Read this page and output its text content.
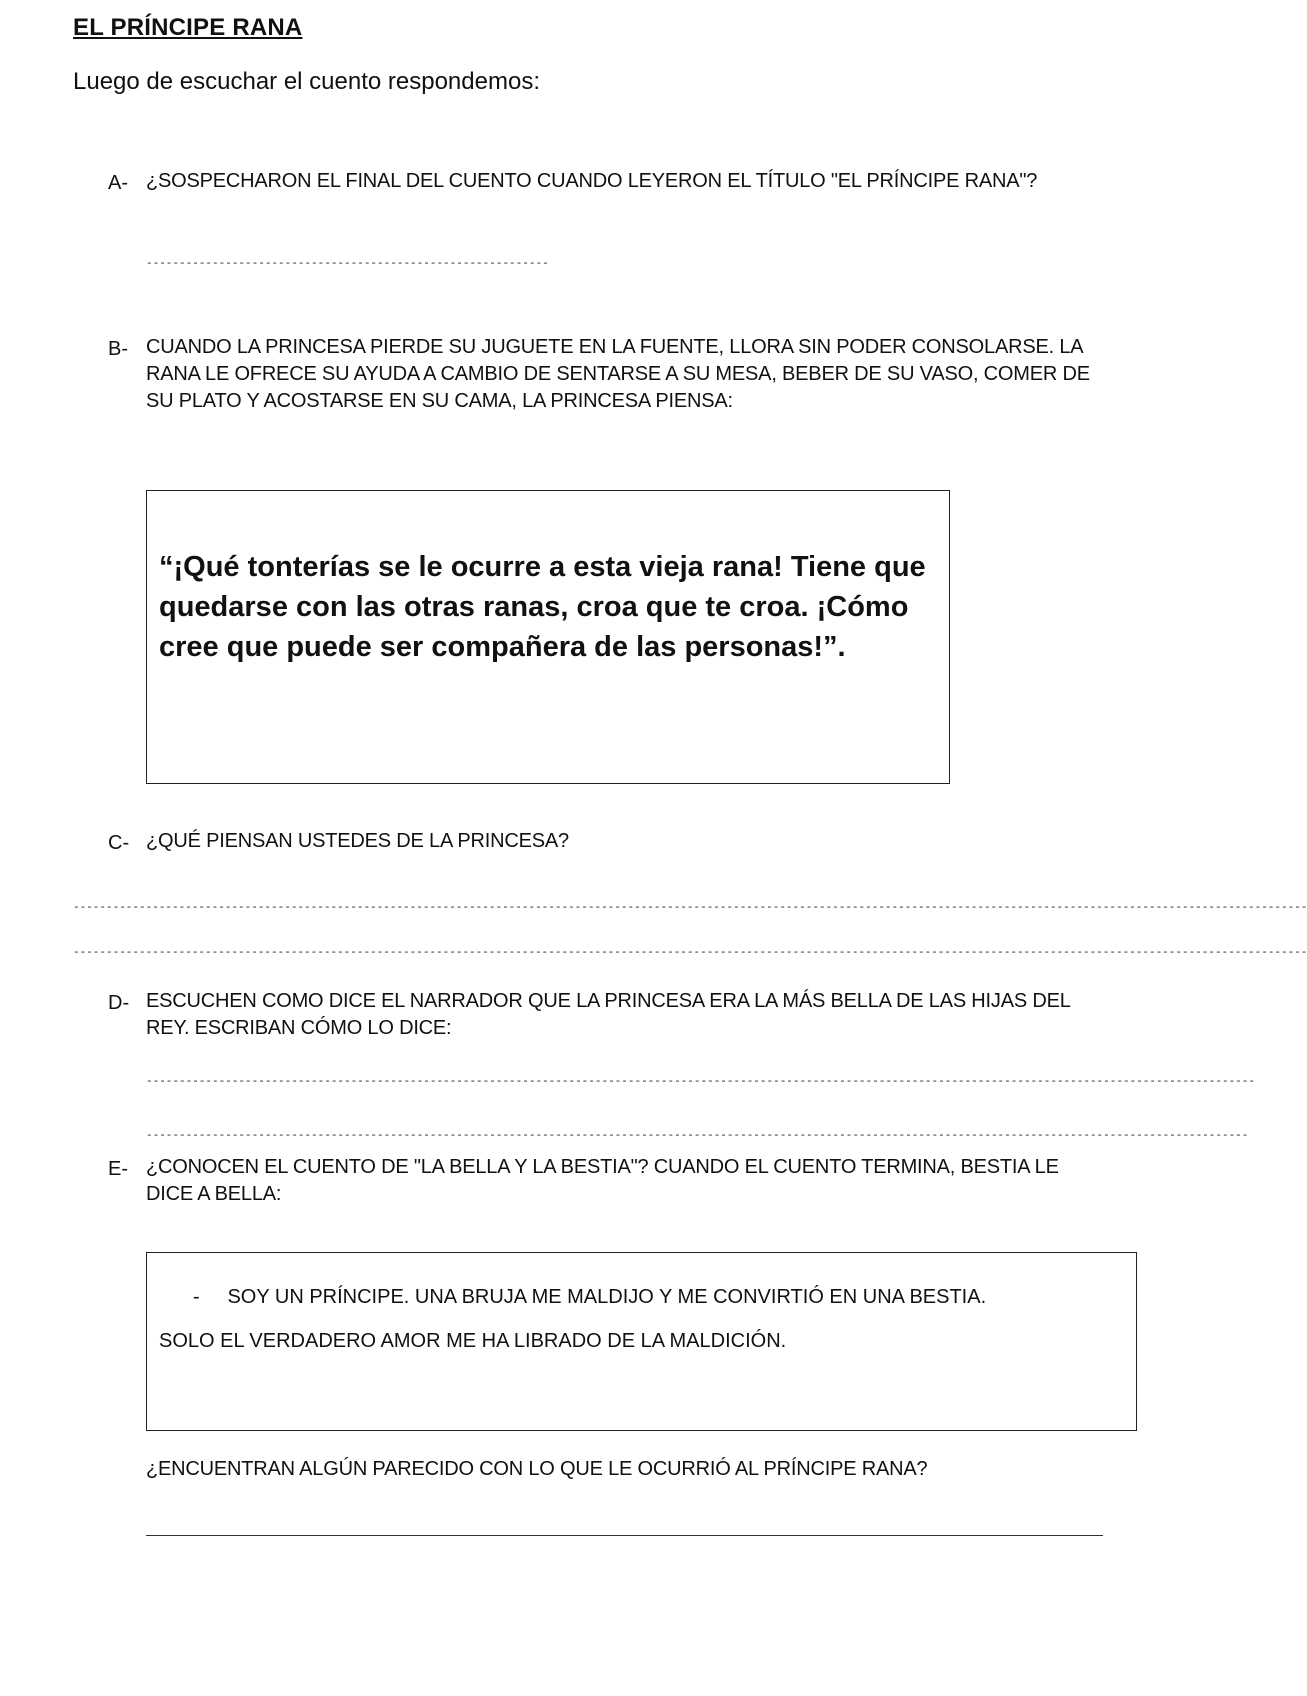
EL PRÍNCIPE RANA
Luego de escuchar el cuento respondemos:
A- ¿SOSPECHARON EL FINAL DEL CUENTO CUANDO LEYERON EL TÍTULO "EL PRÍNCIPE RANA"?
-------------------------------------------------------------
B- CUANDO LA PRINCESA PIERDE SU JUGUETE EN LA FUENTE, LLORA SIN PODER CONSOLARSE. LA RANA LE OFRECE SU AYUDA A CAMBIO DE SENTARSE A SU MESA, BEBER DE SU VASO, COMER DE SU PLATO Y ACOSTARSE EN SU CAMA, LA PRINCESA PIENSA:
“¡Qué tonterías se le ocurre a esta vieja rana! Tiene que quedarse con las otras ranas, croa que te croa. ¡Cómo cree que puede ser compañera de las personas!”.
C- ¿QUÉ PIENSAN USTEDES DE LA PRINCESA?
-------------------------------------------------------------------------------------------------------------------------------------------------------------------------------------------
-------------------------------------------------------------------------------------------------------------------------------------------------------------------------------------------
D- ESCUCHEN COMO DICE EL NARRADOR QUE LA PRINCESA ERA LA MÁS BELLA DE LAS HIJAS DEL REY. ESCRIBAN CÓMO LO DICE:
------------------------------------------------------------------------------------------------------------------------------------------------------------------------
-----------------------------------------------------------------------------------------------------------------------------------------------------------------------
E- ¿CONOCEN EL CUENTO DE "LA BELLA Y LA BESTIA"? CUANDO EL CUENTO TERMINA, BESTIA LE DICE A BELLA:
-     SOY UN PRÍNCIPE. UNA BRUJA ME MALDIJO Y ME CONVIRTIÓ EN UNA BESTIA.
SOLO EL VERDADERO AMOR ME HA LIBRADO DE LA MALDICIÓN.
¿ENCUENTRAN ALGÚN PARECIDO CON LO QUE LE OCURRIÓ AL PRÍNCIPE RANA?
